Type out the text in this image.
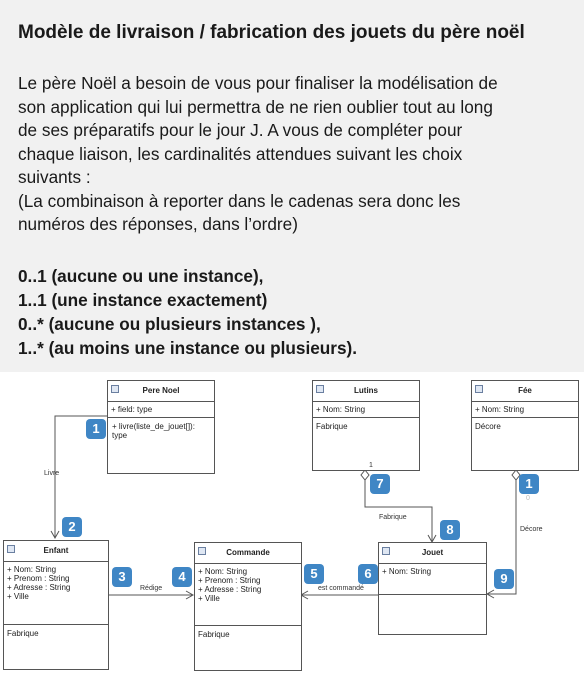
Modèle de livraison / fabrication des jouets du père noël
Le père Noël a besoin de vous pour finaliser la modélisation de
son application qui lui permettra de ne rien oublier tout au long
de ses préparatifs pour le jour J. A vous de compléter pour
chaque liaison, les cardinalités attendues suivant les choix
suivants :
(La combinaison à reporter dans le cadenas sera donc les
numéros des réponses, dans l’ordre)
0..1 (aucune ou une instance),
1..1 (une instance exactement)
0..* (aucune ou plusieurs instances ),
1..* (au moins une instance ou plusieurs).
Pere Noel
+ field: type
+ livre(liste_de_jouet[]): type
Lutins
+ Nom: String
Fabrique
Fée
+ Nom: String
Décore
Enfant
+ Nom: String
+ Prenom : String
+ Adresse : String
+ Ville
Fabrique
Commande
+ Nom: String
+ Prenom : String
+ Adresse : String
+ Ville
Fabrique
Jouet
+ Nom: String
Livre
Rédige	est commandé
Fabrique
Décore
1
0
1
2
3	4	5	6
7
8
1
9
